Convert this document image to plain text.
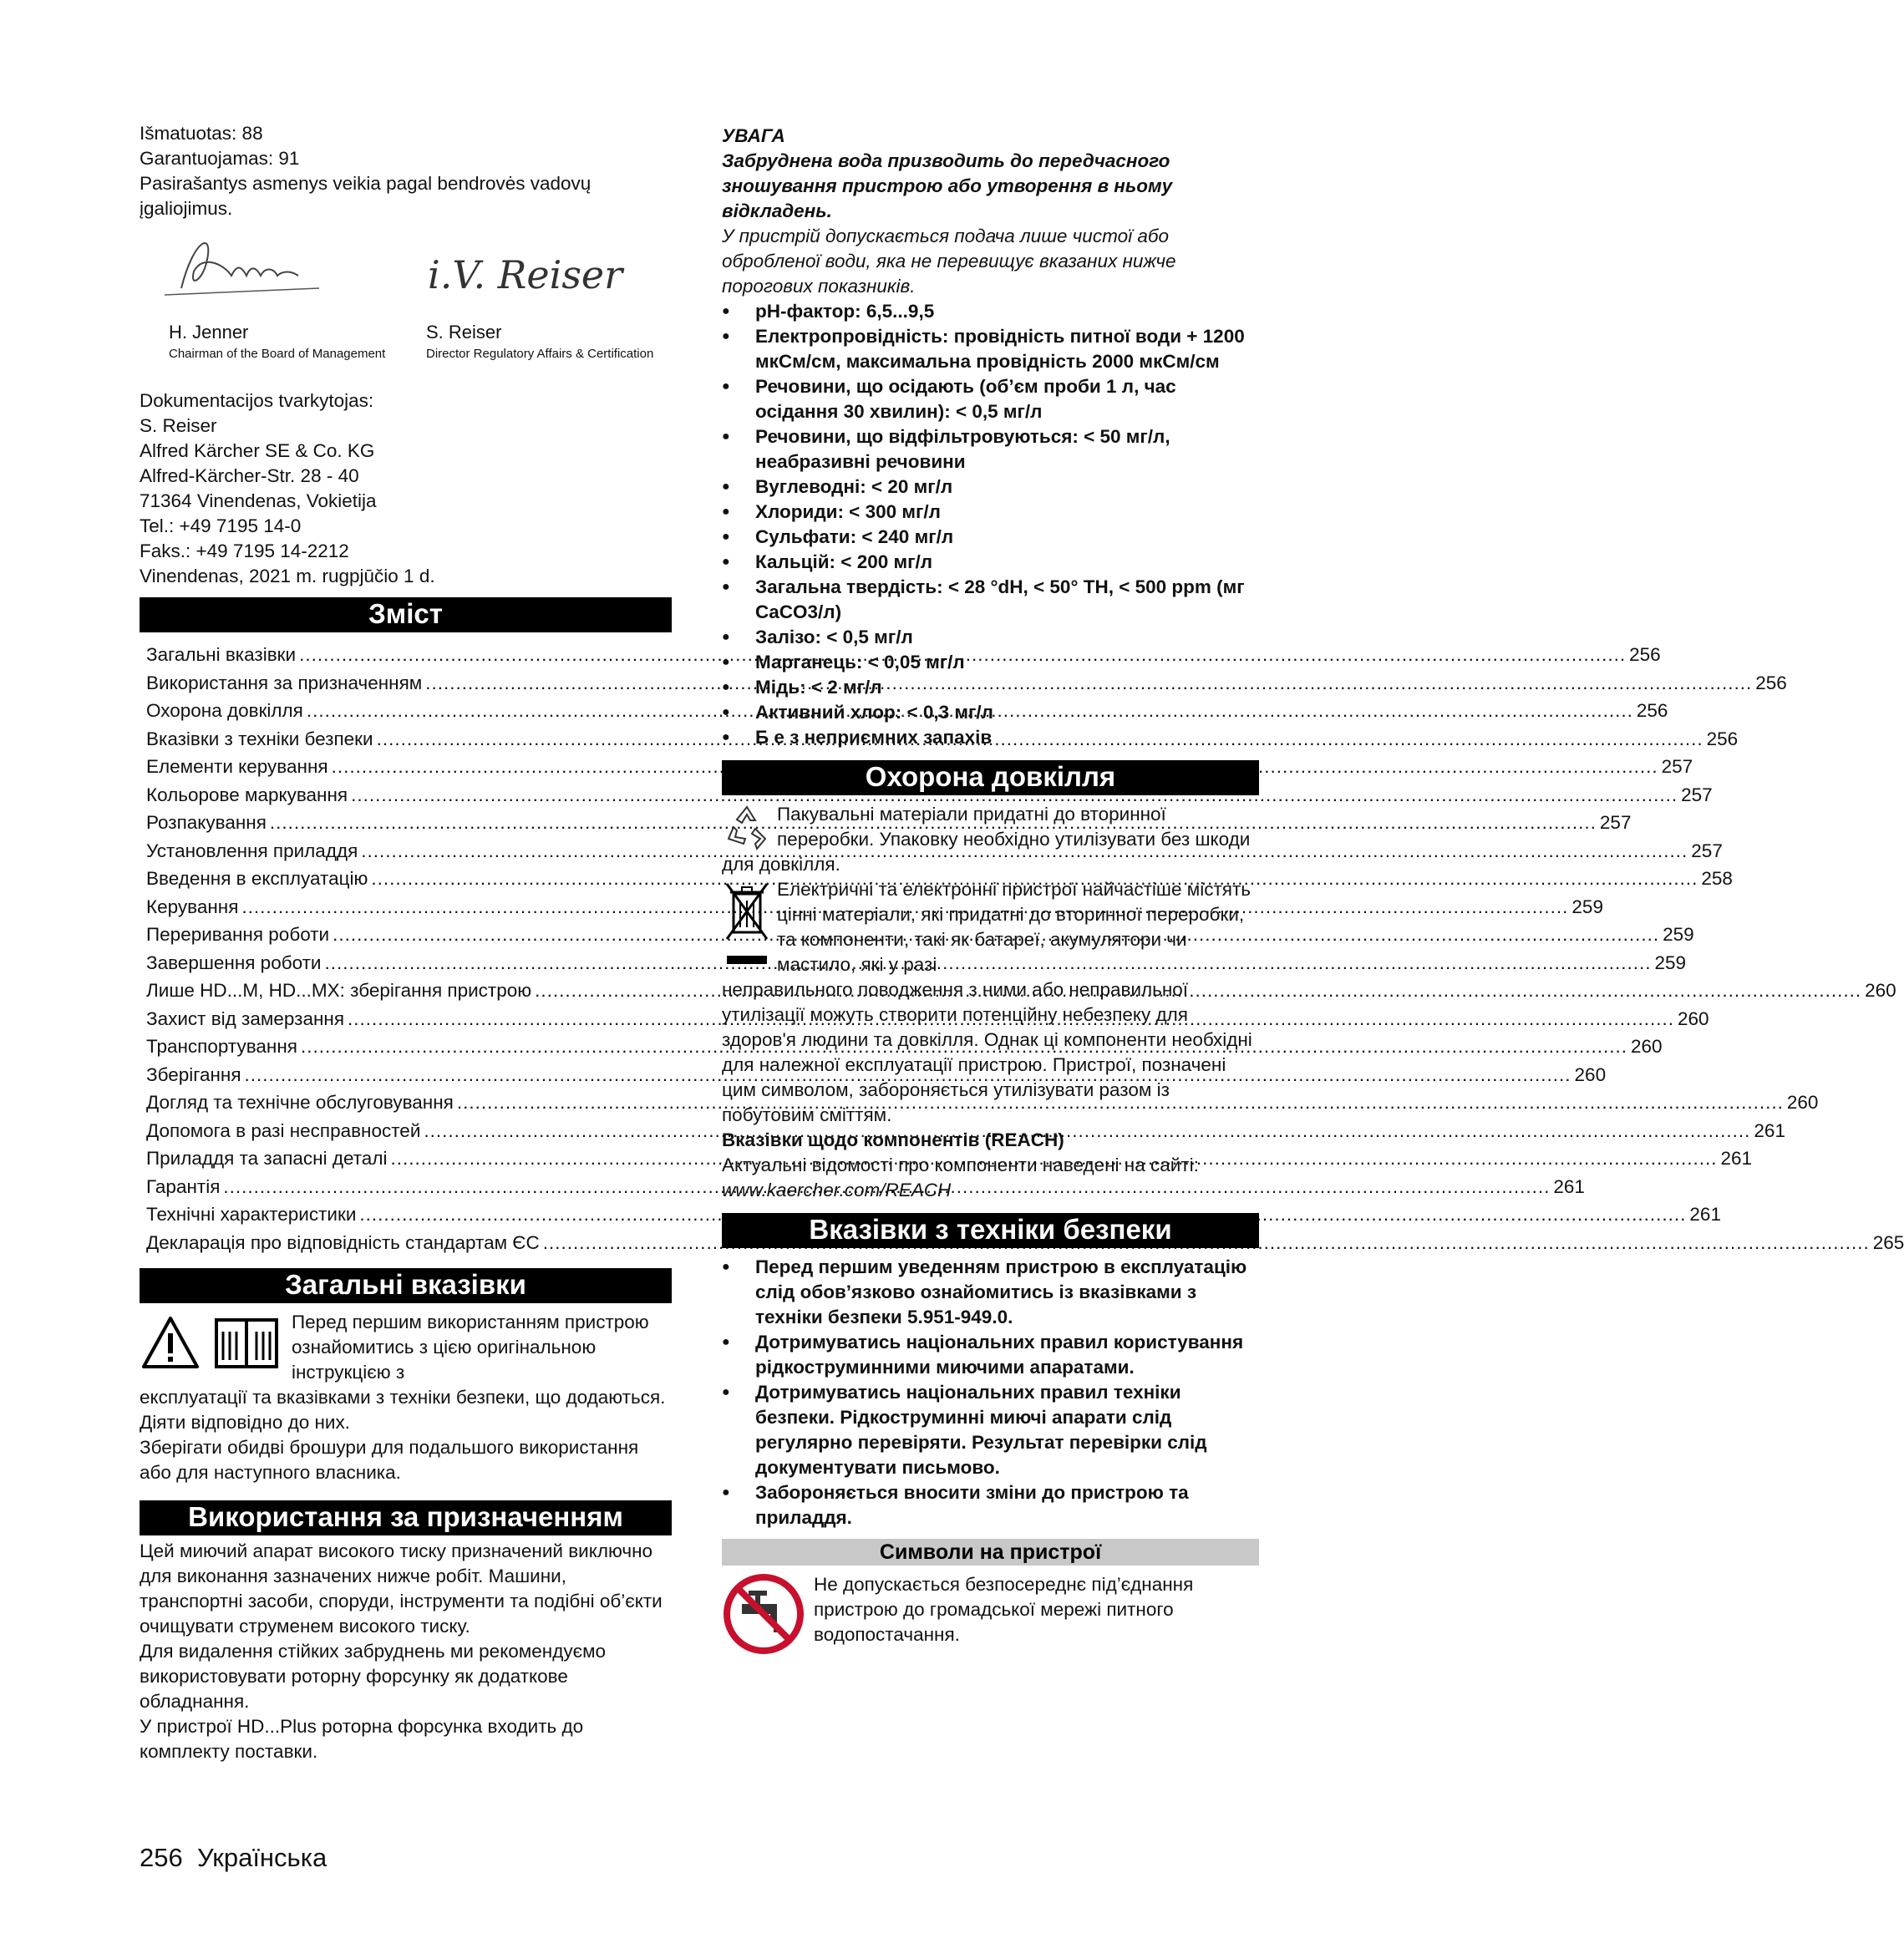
Išmatuotas: 88

Garantuojamas: 91

Pasirašantys asmenys veikia pagal bendrovės vadovų įgaliojimus.

i.V. Reiser
H. Jenner
Chairman of the Board of Management
S. Reiser
Director Regulatory Affairs & Certification

Dokumentacijos tvarkytojas:

S. Reiser

Alfred Kärcher SE & Co. KG

Alfred-Kärcher-Str. 28 - 40

71364 Vinendenas, Vokietija

Tel.: +49 7195 14-0

Faks.: +49 7195 14-2212

Vinendenas, 2021 m. rugpjūčio 1 d.

Зміст
Загальні вказівки .....	256
Використання за призначенням .....	256
Охорона довкілля .....	256
Вказівки з техніки безпеки .....	256
Елементи керування .....	257
Кольорове маркування .....	257
Розпакування .....	257
Установлення приладдя .....	257
Введення в експлуатацію .....	258
Керування .....	259
Переривання роботи .....	259
Завершення роботи .....	259
Лише HD...M, HD...MX: зберігання пристрою .....	260
Захист від замерзання .....	260
Транспортування .....	260
Зберігання .....	260
Догляд та технічне обслуговування .....	260
Допомога в разі несправностей .....	261
Приладдя та запасні деталі .....	261
Гарантія .....	261
Технічні характеристики .....	261
Декларація про відповідність стандартам ЄС .....	265
Загальні вказівки

Перед першим використанням пристрою ознайомитись з цією оригінальною інструкцією з

експлуатації та вказівками з техніки безпеки, що додаються. Діяти відповідно до них.

Зберігати обидві брошури для подальшого використання або для наступного власника.

Використання за призначенням

Цей миючий апарат високого тиску призначений виключно для виконання зазначених нижче робіт. Машини, транспортні засоби, споруди, інструменти та подібні об’єкти очищувати струменем високого тиску.

Для видалення стійких забруднень ми рекомендуємо використовувати роторну форсунку як додаткове обладнання.

У пристрої HD...Plus роторна форсунка входить до комплекту поставки.

256 Українська

УВАГА

Забруднена вода призводить до передчасного зношування пристрою або утворення в ньому відкладень.

У пристрій допускається подача лише чистої або обробленої води, яка не перевищує вказаних нижче порогових показників.

● pH-фактор: 6,5...9,5
● Електропровідність: провідність питної води + 1200 мкСм/см, максимальна провідність 2000 мкСм/см
● Речовини, що осідають (об’єм проби 1 л, час осідання 30 хвилин): < 0,5 мг/л
● Речовини, що відфільтровуються: < 50 мг/л, неабразивні речовини
● Вуглеводні: < 20 мг/л
● Хлориди: < 300 мг/л
● Сульфати: < 240 мг/л
● Кальцій: < 200 мг/л
● Загальна твердість: < 28 °dH, < 50° TH, < 500 ppm (мг CaCO3/л)
● Залізо: < 0,5 мг/л
● Марганець: < 0,05 мг/л
● Мідь: < 2 мг/л
● Активний хлор: < 0,3 мг/л
● Б е з неприємних запахів
Охорона довкілля

Пакувальні матеріали придатні до вторинної переробки. Упаковку необхідно утилізувати без шкоди для довкілля.

Електричні та електронні пристрої найчастіше містять цінні матеріали, які придатні до вторинної переробки, та компоненти, такі як батареї, акумулятори чи мастило, які у разі

неправильного поводження з ними або неправильної утилізації можуть створити потенційну небезпеку для здоров'я людини та довкілля. Однак ці компоненти необхідні для належної експлуатації пристрою. Пристрої, позначені цим символом, забороняється утилізувати разом із побутовим сміттям.

Вказівки щодо компонентів (REACH)

Актуальні відомості про компоненти наведені на сайті: www.kaercher.com/REACH

Вказівки з техніки безпеки
● Перед першим уведенням пристрою в експлуатацію слід обов’язково ознайомитись із вказівками з техніки безпеки 5.951-949.0.
● Дотримуватись національних правил користування рідкоструминними миючими апаратами.
● Дотримуватись національних правил техніки безпеки. Рідкоструминні миючі апарати слід регулярно перевіряти. Результат перевірки слід документувати письмово.
● Забороняється вносити зміни до пристрою та приладдя.
Символи на пристрої

Не допускається безпосереднє під’єднання пристрою до громадської мережі питного водопостачання.
